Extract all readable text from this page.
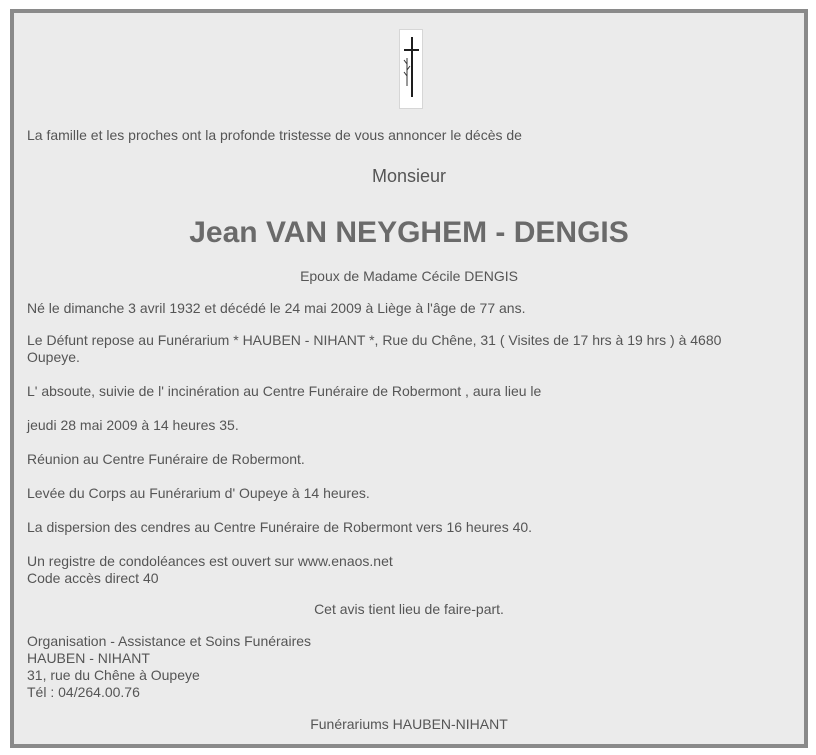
La famille et les proches ont la profonde tristesse de vous annoncer le décès de
Monsieur
Jean VAN NEYGHEM - DENGIS
Epoux de Madame Cécile DENGIS
Né le dimanche 3 avril 1932 et décédé le 24 mai 2009 à Liège à l'âge de 77 ans.
Le Défunt repose au Funérarium * HAUBEN - NIHANT *, Rue du Chêne, 31 ( Visites de 17 hrs à 19 hrs ) à 4680
Oupeye.
L' absoute, suivie de l' incinération au Centre Funéraire de Robermont , aura lieu le
jeudi 28 mai 2009 à 14 heures 35.
Réunion au Centre Funéraire de Robermont.
Levée du Corps au Funérarium d' Oupeye à 14 heures.
La dispersion des cendres au Centre Funéraire de Robermont vers 16 heures 40.
Un registre de condoléances est ouvert sur www.enaos.net
Code accès direct 40
Cet avis tient lieu de faire-part.
Organisation - Assistance et Soins Funéraires
HAUBEN - NIHANT
31, rue du Chêne à Oupeye
Tél : 04/264.00.76
Funérariums HAUBEN-NIHANT
